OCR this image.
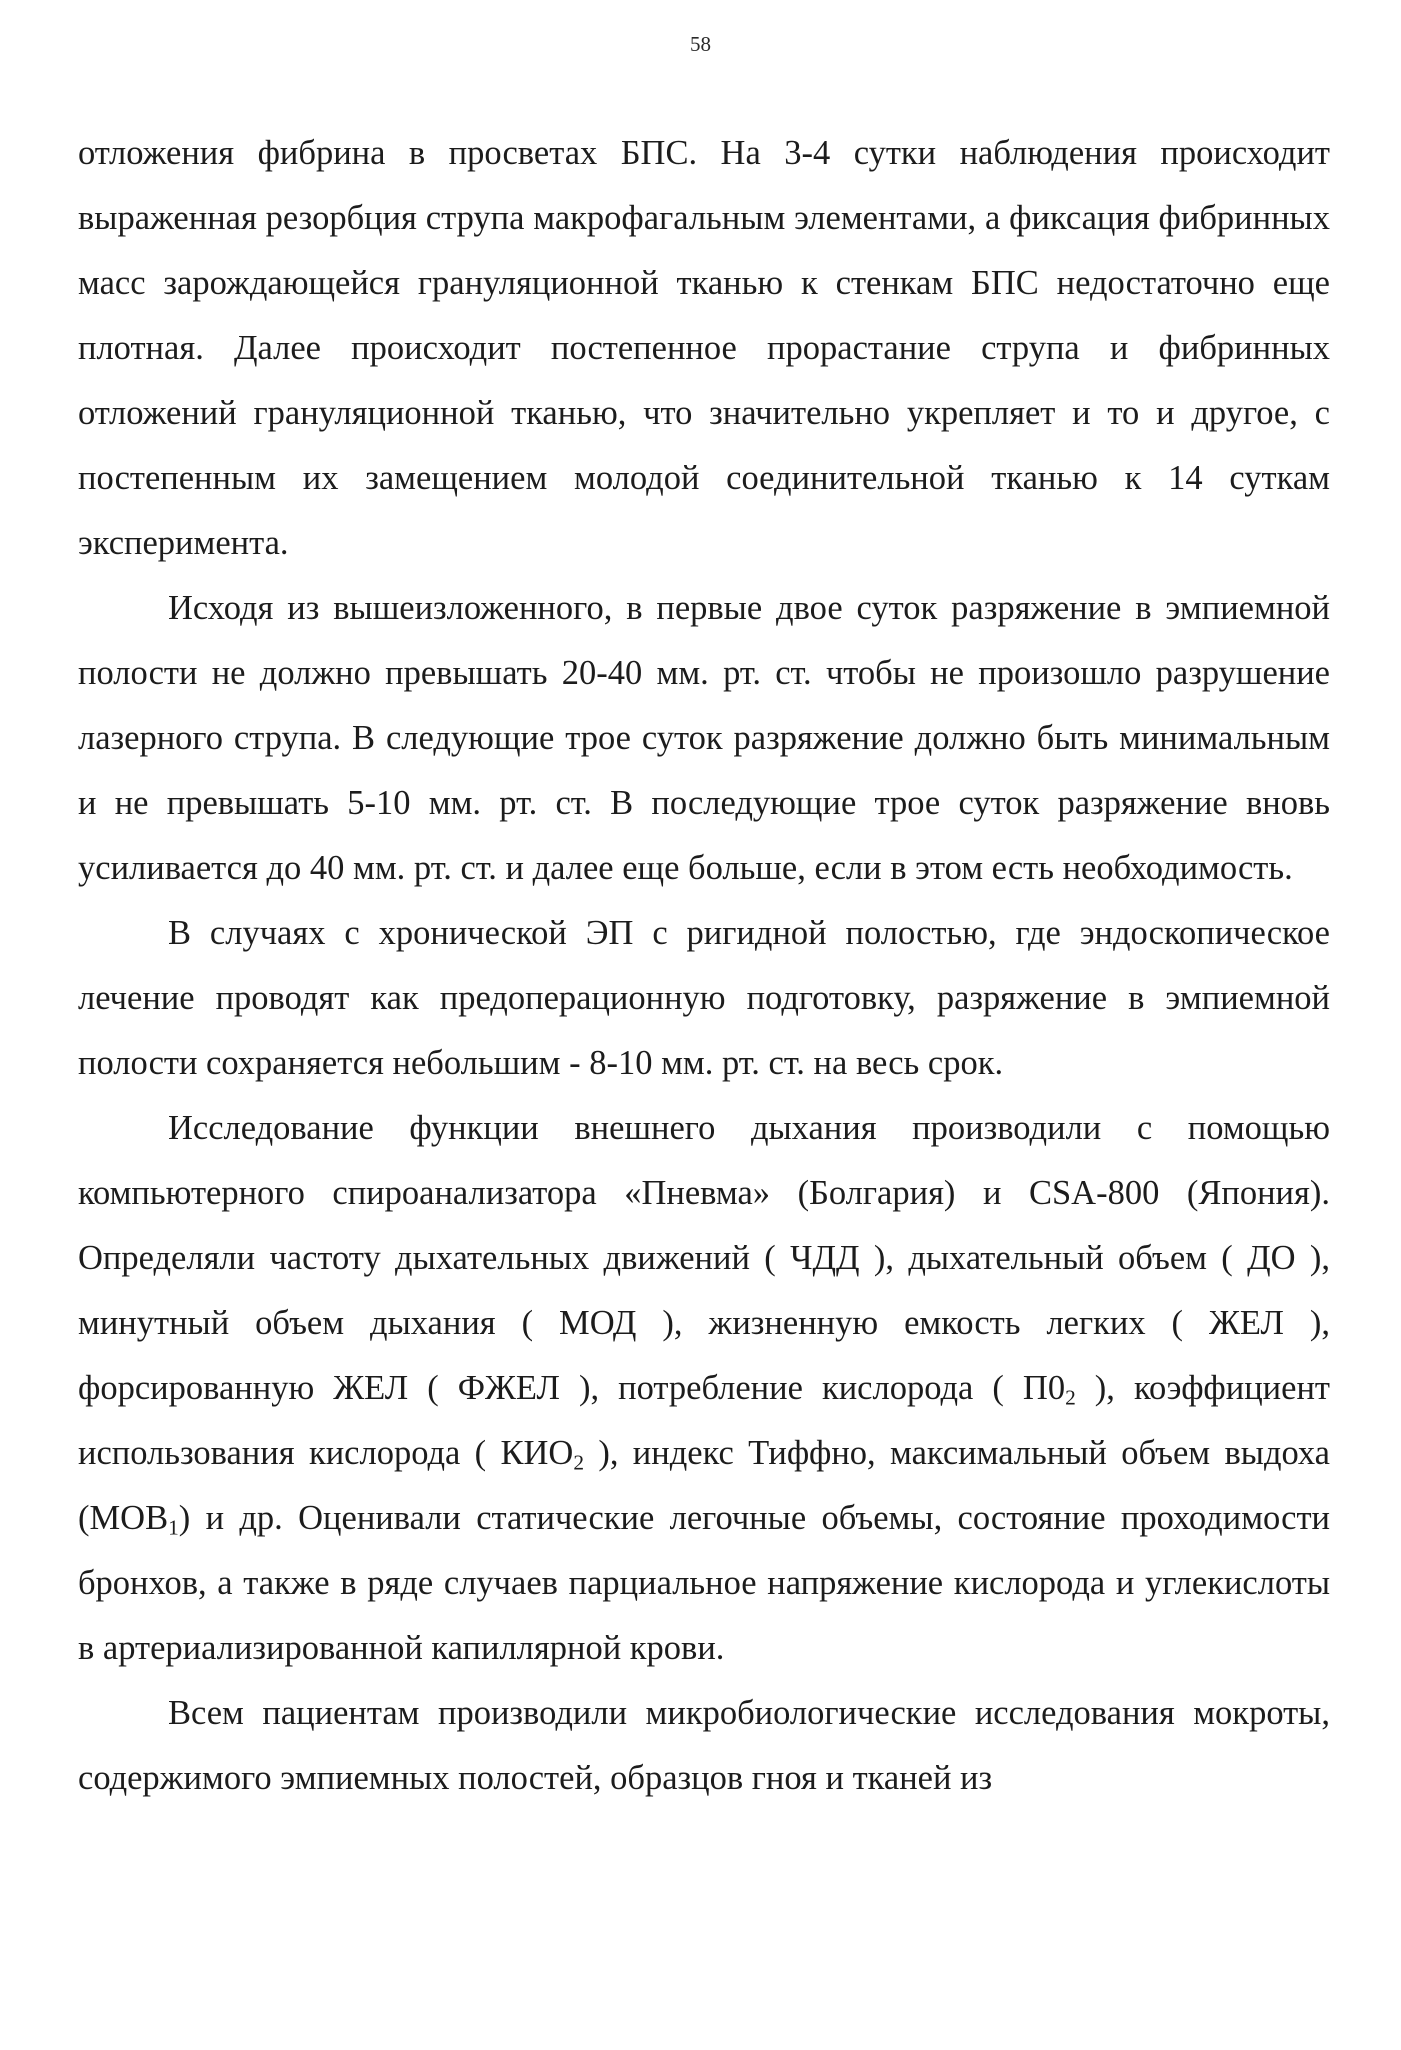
58

отложения фибрина в просветах БПС. На 3-4 сутки наблюдения происходит выраженная резорбция струпа макрофагальным элементами, а фиксация фибринных масс зарождающейся грануляционной тканью к стенкам БПС недостаточно еще плотная. Далее происходит постепенное прорастание струпа и фибринных отложений грануляционной тканью, что значительно укрепляет и то и другое, с постепенным их замещением молодой соединительной тканью к 14 суткам эксперимента.

Исходя из вышеизложенного, в первые двое суток разряжение в эмпиемной полости не должно превышать 20-40 мм. рт. ст. чтобы не произошло разрушение лазерного струпа. В следующие трое суток разряжение должно быть минимальным и не превышать 5-10 мм. рт. ст. В последующие трое суток разряжение вновь усиливается до 40 мм. рт. ст. и далее еще больше, если в этом есть необходимость.

В случаях с хронической ЭП с ригидной полостью, где эндоскопическое лечение проводят как предоперационную подготовку, разряжение в эмпиемной полости сохраняется небольшим - 8-10 мм. рт. ст. на весь срок.

Исследование функции внешнего дыхания производили с помощью компьютерного спироанализатора «Пневма» (Болгария) и CSA-800 (Япония). Определяли частоту дыхательных движений ( ЧДД ), дыхательный объем ( ДО ), минутный объем дыхания ( МОД ), жизненную емкость легких ( ЖЕЛ ), форсированную ЖЕЛ ( ФЖЕЛ ), потребление кислорода ( $П0_2$ ), коэффициент использования кислорода ( $КИО_2$ ), индекс Тиффно, максимальный объем выдоха $(МОВ_1)$ и др. Оценивали статические легочные объемы, состояние проходимости бронхов, а также в ряде случаев парциальное напряжение кислорода и углекислоты в артериализированной капиллярной крови.

Всем пациентам производили микробиологические исследования мокроты, содержимого эмпиемных полостей, образцов гноя и тканей из
